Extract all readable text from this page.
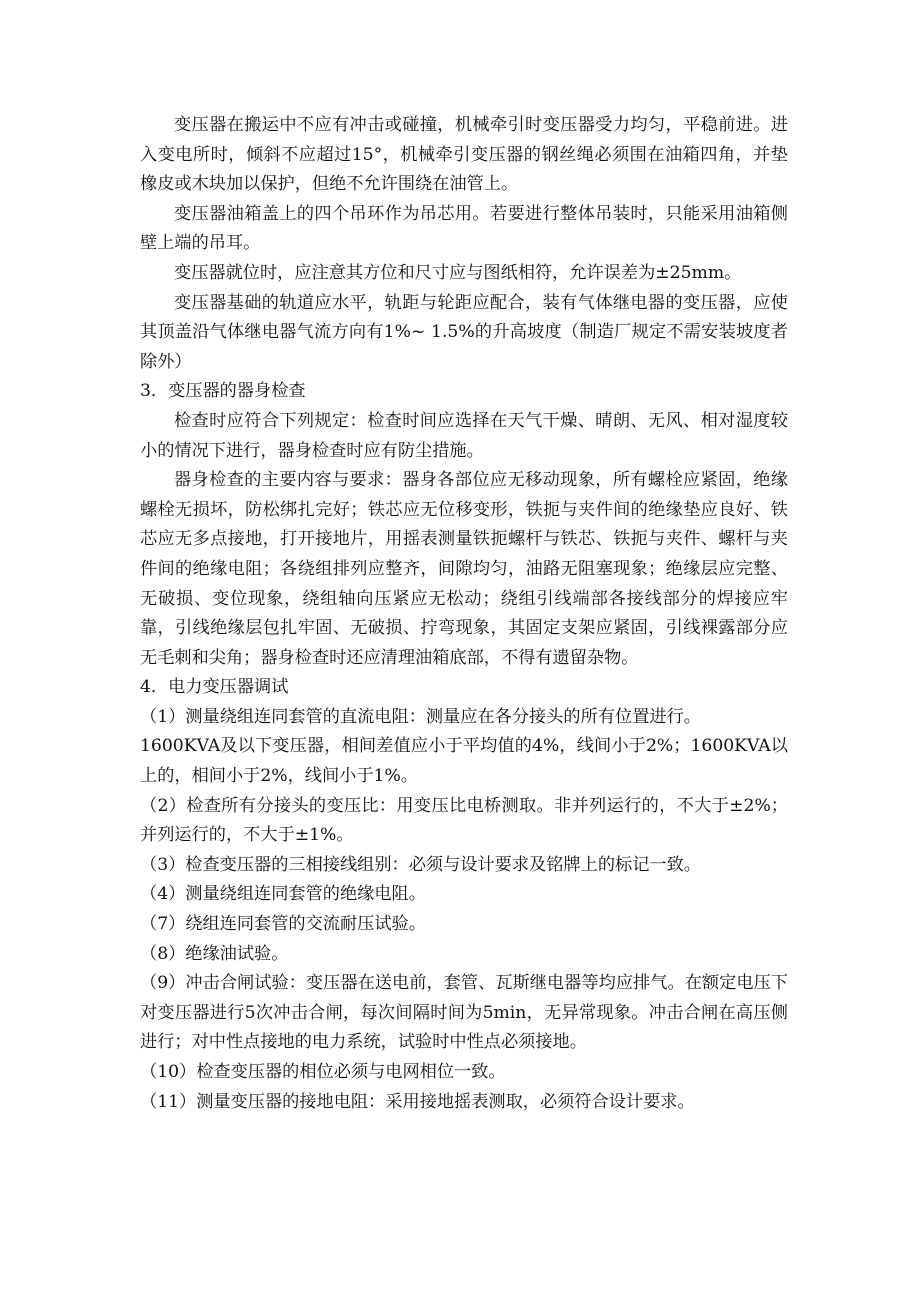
变压器在搬运中不应有冲击或碰撞，机械牵引时变压器受力均匀，平稳前进。进入变电所时，倾斜不应超过15°，机械牵引变压器的钢丝绳必须围在油箱四角，并垫橡皮或木块加以保护，但绝不允许围绕在油管上。

变压器油箱盖上的四个吊环作为吊芯用。若要进行整体吊装时，只能采用油箱侧壁上端的吊耳。

变压器就位时，应注意其方位和尺寸应与图纸相符，允许误差为±25mm。

变压器基础的轨道应水平，轨距与轮距应配合，装有气体继电器的变压器，应使其顶盖沿气体继电器气流方向有1%~ 1.5%的升高坡度（制造厂规定不需安装坡度者除外）

3．变压器的器身检查

检查时应符合下列规定：检查时间应选择在天气干燥、晴朗、无风、相对湿度较小的情况下进行，器身检查时应有防尘措施。

器身检查的主要内容与要求：器身各部位应无移动现象，所有螺栓应紧固，绝缘螺栓无损坏，防松绑扎完好；铁芯应无位移变形，铁扼与夹件间的绝缘垫应良好、铁芯应无多点接地，打开接地片，用摇表测量铁扼螺杆与铁芯、铁扼与夹件、螺杆与夹件间的绝缘电阻；各绕组排列应整齐，间隙均匀，油路无阻塞现象；绝缘层应完整、无破损、变位现象，绕组轴向压紧应无松动；绕组引线端部各接线部分的焊接应牢靠，引线绝缘层包扎牢固、无破损、拧弯现象，其固定支架应紧固，引线裸露部分应无毛刺和尖角；器身检查时还应清理油箱底部，不得有遗留杂物。

4．电力变压器调试

（1）测量绕组连同套管的直流电阻：测量应在各分接头的所有位置进行。

1600KVA及以下变压器，相间差值应小于平均值的4%，线间小于2%；1600KVA以上的，相间小于2%，线间小于1%。

（2）检查所有分接头的变压比：用变压比电桥测取。非并列运行的，不大于±2%；并列运行的，不大于±1%。

（3）检查变压器的三相接线组别：必须与设计要求及铭牌上的标记一致。

（4）测量绕组连同套管的绝缘电阻。

（7）绕组连同套管的交流耐压试验。

（8）绝缘油试验。

（9）冲击合闸试验：变压器在送电前，套管、瓦斯继电器等均应排气。在额定电压下对变压器进行5次冲击合闸，每次间隔时间为5min，无异常现象。冲击合闸在高压侧进行；对中性点接地的电力系统，试验时中性点必须接地。

（10）检查变压器的相位必须与电网相位一致。

（11）测量变压器的接地电阻：采用接地摇表测取，必须符合设计要求。
